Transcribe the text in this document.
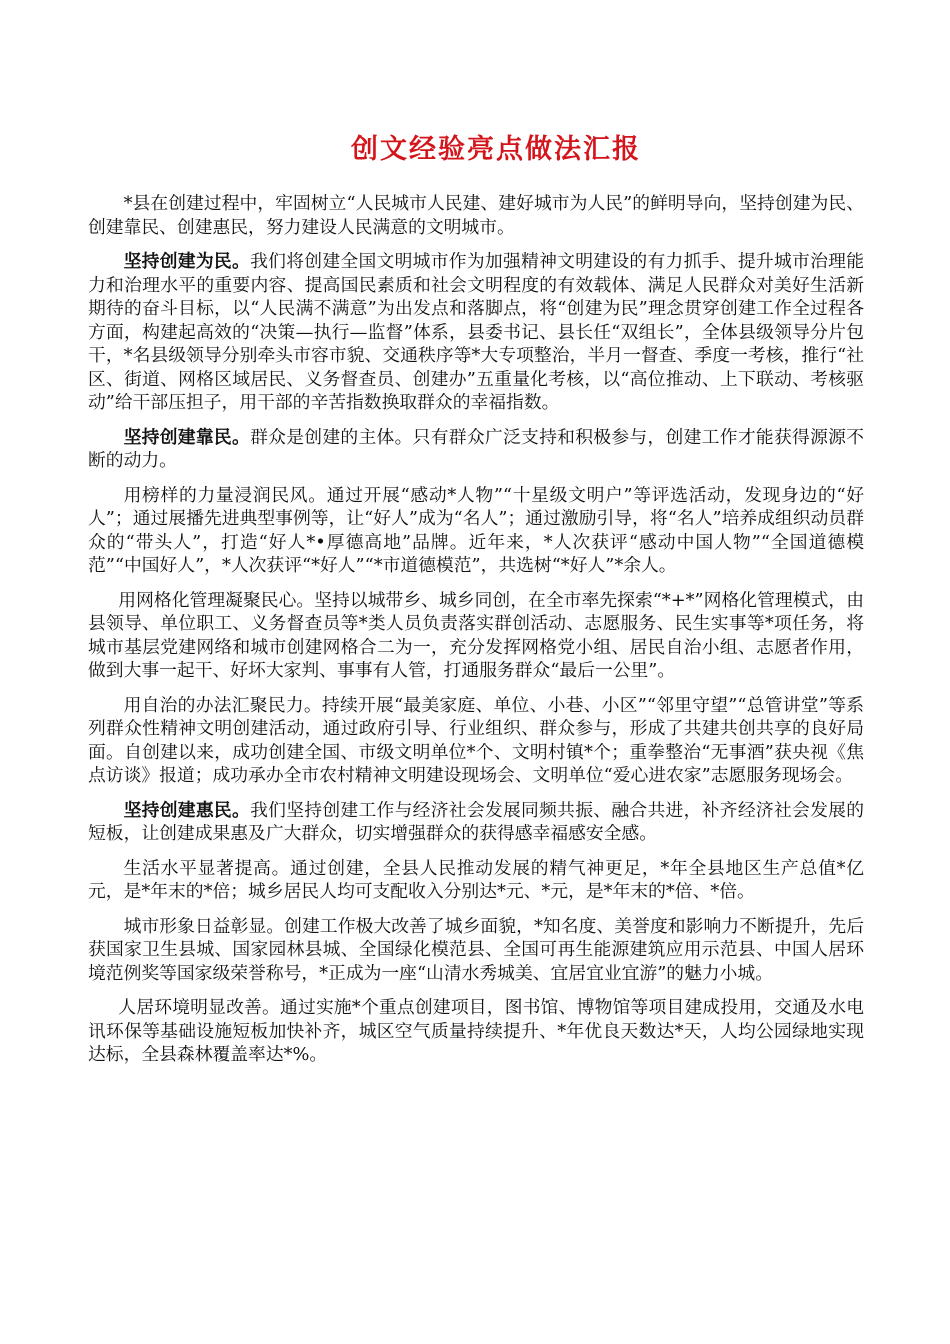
创文经验亮点做法汇报

*县在创建过程中，牢固树立“人民城市人民建、建好城市为人民”的鲜明导向，坚持创建为民、创建靠民、创建惠民，努力建设人民满意的文明城市。

坚持创建为民。我们将创建全国文明城市作为加强精神文明建设的有力抓手、提升城市治理能力和治理水平的重要内容、提高国民素质和社会文明程度的有效载体、满足人民群众对美好生活新期待的奋斗目标，以“人民满不满意”为出发点和落脚点，将“创建为民”理念贯穿创建工作全过程各方面，构建起高效的“决策—执行—监督”体系，县委书记、县长任“双组长”，全体县级领导分片包干，*名县级领导分别牵头市容市貌、交通秩序等*大专项整治，半月一督查、季度一考核，推行“社区、街道、网格区域居民、义务督查员、创建办”五重量化考核，以“高位推动、上下联动、考核驱动”给干部压担子，用干部的辛苦指数换取群众的幸福指数。

坚持创建靠民。群众是创建的主体。只有群众广泛支持和积极参与，创建工作才能获得源源不断的动力。

用榜样的力量浸润民风。通过开展“感动*人物”“十星级文明户”等评选活动，发现身边的“好人”；通过展播先进典型事例等，让“好人”成为“名人”；通过激励引导，将“名人”培养成组织动员群众的“带头人”，打造“好人*•厚德高地”品牌。近年来，*人次获评“感动中国人物”“全国道德模范”“中国好人”，*人次获评“*好人”“*市道德模范”，共选树“*好人”*余人。

用网格化管理凝聚民心。坚持以城带乡、城乡同创，在全市率先探索“*+*”网格化管理模式，由县领导、单位职工、义务督查员等*类人员负责落实群创活动、志愿服务、民生实事等*项任务，将城市基层党建网络和城市创建网格合二为一，充分发挥网格党小组、居民自治小组、志愿者作用，做到大事一起干、好坏大家判、事事有人管，打通服务群众“最后一公里”。

用自治的办法汇聚民力。持续开展“最美家庭、单位、小巷、小区”“邻里守望”“总管讲堂”等系列群众性精神文明创建活动，通过政府引导、行业组织、群众参与，形成了共建共创共享的良好局面。自创建以来，成功创建全国、市级文明单位*个、文明村镇*个；重拳整治“无事酒”获央视《焦点访谈》报道；成功承办全市农村精神文明建设现场会、文明单位“爱心进农家”志愿服务现场会。

坚持创建惠民。我们坚持创建工作与经济社会发展同频共振、融合共进，补齐经济社会发展的短板，让创建成果惠及广大群众，切实增强群众的获得感幸福感安全感。

生活水平显著提高。通过创建，全县人民推动发展的精气神更足，*年全县地区生产总值*亿元，是*年末的*倍；城乡居民人均可支配收入分别达*元、*元，是*年末的*倍、*倍。

城市形象日益彰显。创建工作极大改善了城乡面貌，*知名度、美誉度和影响力不断提升，先后获国家卫生县城、国家园林县城、全国绿化模范县、全国可再生能源建筑应用示范县、中国人居环境范例奖等国家级荣誉称号，*正成为一座“山清水秀城美、宜居宜业宜游”的魅力小城。

人居环境明显改善。通过实施*个重点创建项目，图书馆、博物馆等项目建成投用，交通及水电讯环保等基础设施短板加快补齐，城区空气质量持续提升、*年优良天数达*天，人均公园绿地实现达标，全县森林覆盖率达*%。
